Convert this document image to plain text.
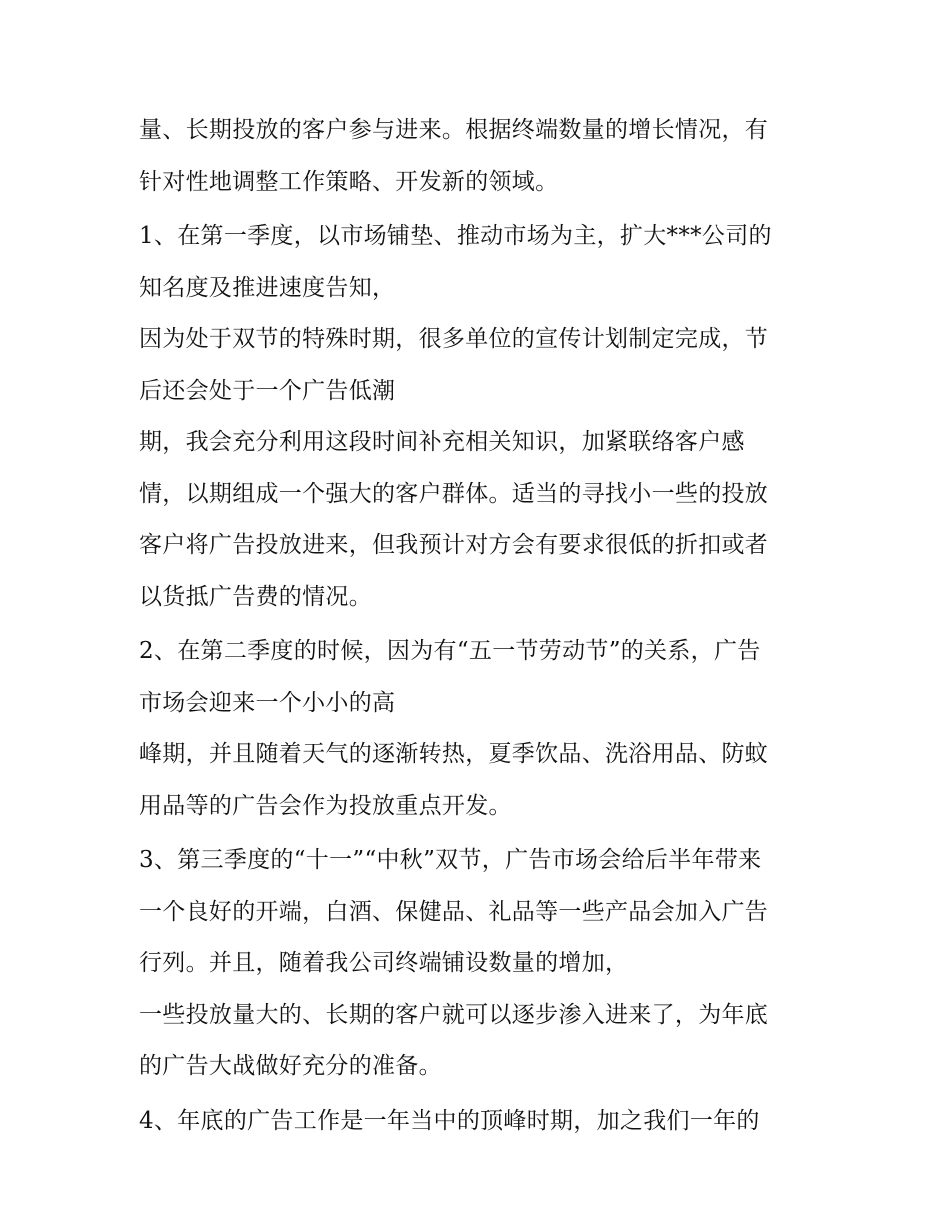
量、长期投放的客户参与进来。根据终端数量的增长情况，有
针对性地调整工作策略、开发新的领域。
1、在第一季度，以市场铺垫、推动市场为主，扩大***公司的
知名度及推进速度告知，
因为处于双节的特殊时期，很多单位的宣传计划制定完成，节
后还会处于一个广告低潮
期，我会充分利用这段时间补充相关知识，加紧联络客户感
情，以期组成一个强大的客户群体。适当的寻找小一些的投放
客户将广告投放进来，但我预计对方会有要求很低的折扣或者
以货抵广告费的情况。
2、在第二季度的时候，因为有“五一节劳动节”的关系，广告
市场会迎来一个小小的高
峰期，并且随着天气的逐渐转热，夏季饮品、洗浴用品、防蚊
用品等的广告会作为投放重点开发。
3、第三季度的“十一”“中秋”双节，广告市场会给后半年带来
一个良好的开端，白酒、保健品、礼品等一些产品会加入广告
行列。并且，随着我公司终端铺设数量的增加，
一些投放量大的、长期的客户就可以逐步渗入进来了，为年底
的广告大战做好充分的准备。
4、年底的广告工作是一年当中的顶峰时期，加之我们一年的
